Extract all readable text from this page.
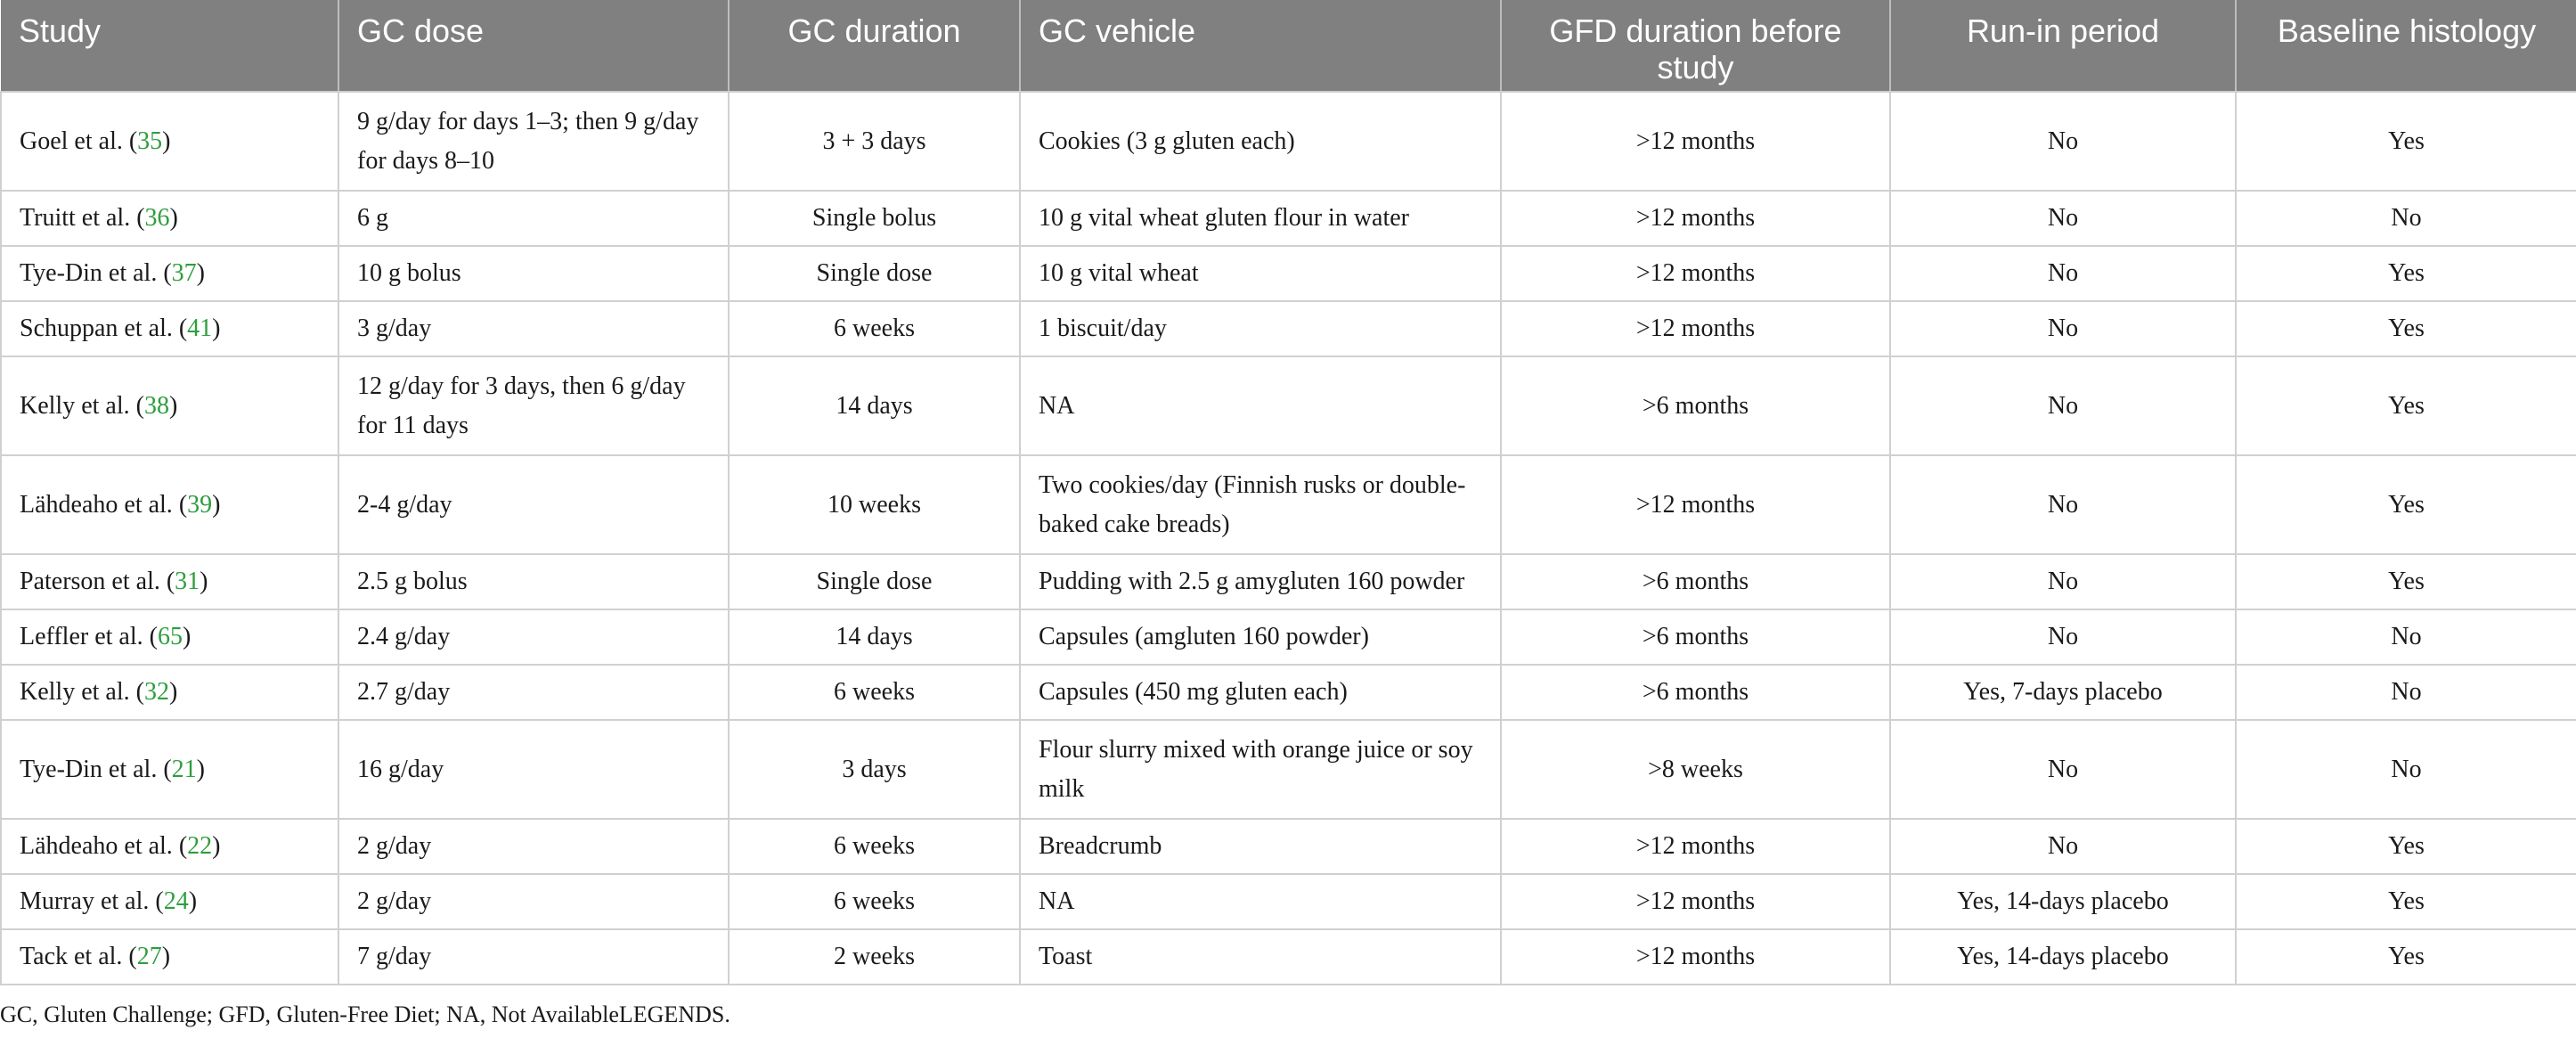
Study	GC dose	GC duration	GC vehicle	GFD duration before study	Run-in period	Baseline histology
Goel et al. (35)	9 g/day for days 1–3; then 9 g/day for days 8–10	3 + 3 days	Cookies (3 g gluten each)	>12 months	No	Yes
Truitt et al. (36)	6 g	Single bolus	10 g vital wheat gluten flour in water	>12 months	No	No
Tye-Din et al. (37)	10 g bolus	Single dose	10 g vital wheat	>12 months	No	Yes
Schuppan et al. (41)	3 g/day	6 weeks	1 biscuit/day	>12 months	No	Yes
Kelly et al. (38)	12 g/day for 3 days, then 6 g/day for 11 days	14 days	NA	>6 months	No	Yes
Lähdeaho et al. (39)	2-4 g/day	10 weeks	Two cookies/day (Finnish rusks or double-baked cake breads)	>12 months	No	Yes
Paterson et al. (31)	2.5 g bolus	Single dose	Pudding with 2.5 g amygluten 160 powder	>6 months	No	Yes
Leffler et al. (65)	2.4 g/day	14 days	Capsules (amgluten 160 powder)	>6 months	No	No
Kelly et al. (32)	2.7 g/day	6 weeks	Capsules (450 mg gluten each)	>6 months	Yes, 7-days placebo	No
Tye-Din et al. (21)	16 g/day	3 days	Flour slurry mixed with orange juice or soy milk	>8 weeks	No	No
Lähdeaho et al. (22)	2 g/day	6 weeks	Breadcrumb	>12 months	No	Yes
Murray et al. (24)	2 g/day	6 weeks	NA	>12 months	Yes, 14-days placebo	Yes
Tack et al. (27)	7 g/day	2 weeks	Toast	>12 months	Yes, 14-days placebo	Yes
GC, Gluten Challenge; GFD, Gluten-Free Diet; NA, Not AvailableLEGENDS.
